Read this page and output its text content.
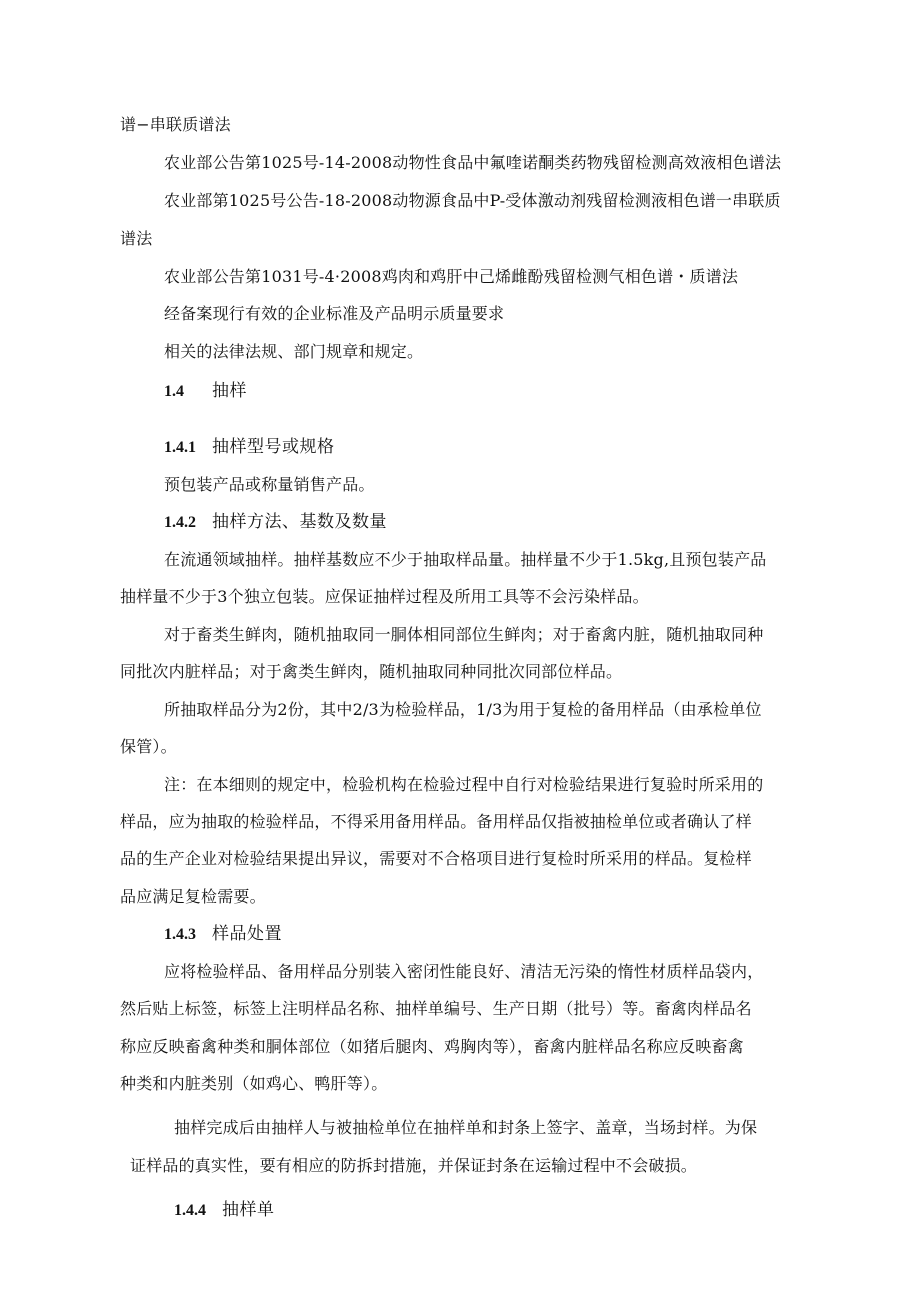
谱−串联质谱法
农业部公告第1025号-14-2008动物性食品中氟喹诺酮类药物残留检测高效液相色谱法
农业部第1025号公告-18-2008动物源食品中P-受体激动剂残留检测液相色谱一串联质
谱法
农业部公告第1031号-4·2008鸡肉和鸡肝中己烯雌酚残留检测气相色谱・质谱法
经备案现行有效的企业标准及产品明示质量要求
相关的法律法规、部门规章和规定。
1.4 抽样
1.4.1 抽样型号或规格
预包装产品或称量销售产品。
1.4.2 抽样方法、基数及数量
在流通领域抽样。抽样基数应不少于抽取样品量。抽样量不少于1.5kg,且预包装产品
抽样量不少于3个独立包装。应保证抽样过程及所用工具等不会污染样品。
对于畜类生鲜肉，随机抽取同一胴体相同部位生鲜肉；对于畜禽内脏，随机抽取同种
同批次内脏样品；对于禽类生鲜肉，随机抽取同种同批次同部位样品。
所抽取样品分为2份，其中2/3为检验样品，1/3为用于复检的备用样品（由承检单位
保管）。
注：在本细则的规定中，检验机构在检验过程中自行对检验结果进行复验时所采用的
样品，应为抽取的检验样品，不得采用备用样品。备用样品仅指被抽检单位或者确认了样
品的生产企业对检验结果提出异议，需要对不合格项目进行复检时所采用的样品。复检样
品应满足复检需要。
1.4.3 样品处置
应将检验样品、备用样品分别装入密闭性能良好、清洁无污染的惰性材质样品袋内，
然后贴上标签，标签上注明样品名称、抽样单编号、生产日期（批号）等。畜禽肉样品名
称应反映畜禽种类和胴体部位（如猪后腿肉、鸡胸肉等），畜禽内脏样品名称应反映畜禽
种类和内脏类别（如鸡心、鸭肝等）。
抽样完成后由抽样人与被抽检单位在抽样单和封条上签字、盖章，当场封样。为保
证样品的真实性，要有相应的防拆封措施，并保证封条在运输过程中不会破损。
1.4.4 抽样单
